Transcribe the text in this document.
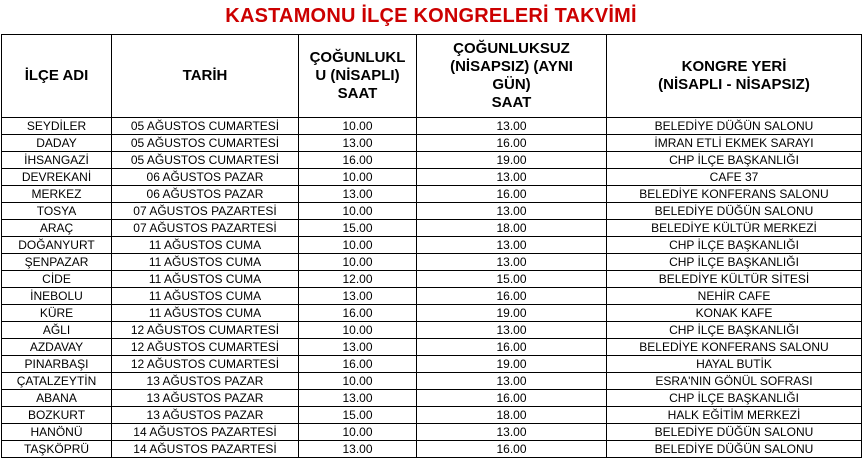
KASTAMONU İLÇE KONGRELERİ TAKVİMİ
İLÇE ADI	TARİH	ÇOĞUNLUKL
U (NİSAPLI)
SAAT	ÇOĞUNLUKSUZ
(NİSAPSIZ) (AYNI
GÜN)
SAAT	KONGRE YERİ
(NİSAPLI - NİSAPSIZ)
SEYDİLER	05 AĞUSTOS CUMARTESİ	10.00	13.00	BELEDİYE DÜĞÜN SALONU
DADAY	05 AĞUSTOS CUMARTESİ	13.00	16.00	İMRAN ETLİ EKMEK SARAYI
İHSANGAZİ	05 AĞUSTOS CUMARTESİ	16.00	19.00	CHP İLÇE BAŞKANLIĞI
DEVREKANİ	06 AĞUSTOS PAZAR	10.00	13.00	CAFE 37
MERKEZ	06 AĞUSTOS PAZAR	13.00	16.00	BELEDİYE KONFERANS SALONU
TOSYA	07 AĞUSTOS PAZARTESİ	10.00	13.00	BELEDİYE DÜĞÜN SALONU
ARAÇ	07 AĞUSTOS PAZARTESİ	15.00	18.00	BELEDİYE KÜLTÜR MERKEZİ
DOĞANYURT	11 AĞUSTOS CUMA	10.00	13.00	CHP İLÇE BAŞKANLIĞI
ŞENPAZAR	11 AĞUSTOS CUMA	10.00	13.00	CHP İLÇE BAŞKANLIĞI
CİDE	11 AĞUSTOS CUMA	12.00	15.00	BELEDİYE KÜLTÜR SİTESİ
İNEBOLU	11 AĞUSTOS CUMA	13.00	16.00	NEHİR CAFE
KÜRE	11 AĞUSTOS CUMA	16.00	19.00	KONAK KAFE
AĞLI	12 AĞUSTOS CUMARTESİ	10.00	13.00	CHP İLÇE BAŞKANLIĞI
AZDAVAY	12 AĞUSTOS CUMARTESİ	13.00	16.00	BELEDİYE KONFERANS SALONU
PINARBAŞI	12 AĞUSTOS CUMARTESİ	16.00	19.00	HAYAL BUTİK
ÇATALZEYTİN	13 AĞUSTOS PAZAR	10.00	13.00	ESRA'NIN GÖNÜL SOFRASI
ABANA	13 AĞUSTOS PAZAR	13.00	16.00	CHP İLÇE BAŞKANLIĞI
BOZKURT	13 AĞUSTOS PAZAR	15.00	18.00	HALK EĞİTİM MERKEZİ
HANÖNÜ	14 AĞUSTOS PAZARTESİ	10.00	13.00	BELEDİYE DÜĞÜN SALONU
TAŞKÖPRÜ	14 AĞUSTOS PAZARTESİ	13.00	16.00	BELEDİYE DÜĞÜN SALONU
